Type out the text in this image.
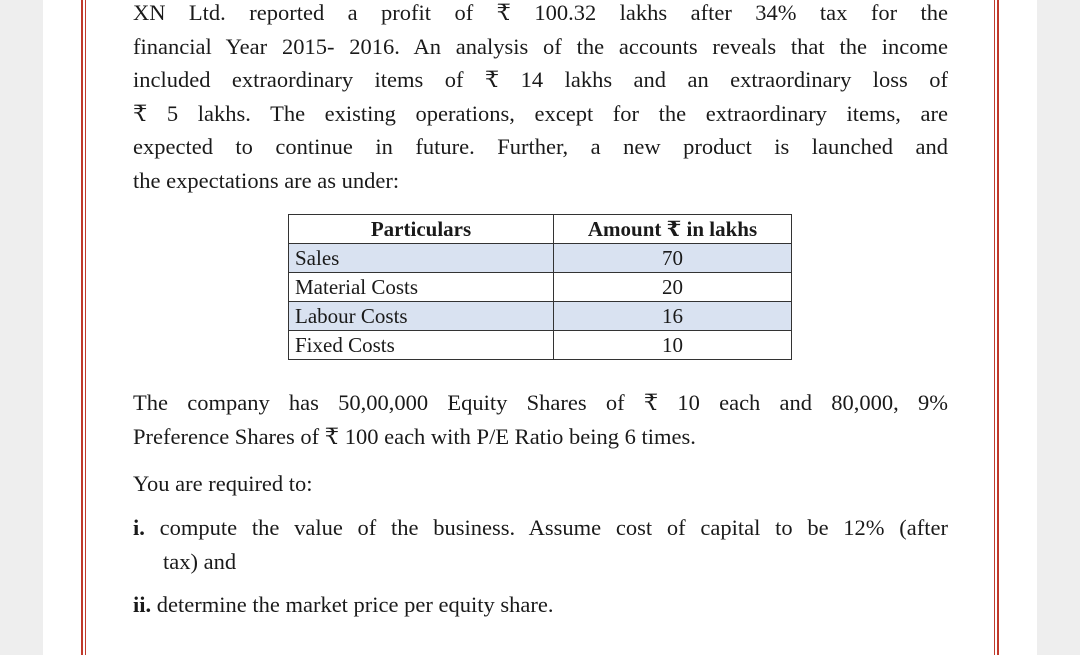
XN Ltd. reported a profit of ₹ 100.32 lakhs after 34% tax for the
financial Year 2015- 2016. An analysis of the accounts reveals that the income
included extraordinary items of ₹ 14 lakhs and an extraordinary loss of
₹ 5 lakhs. The existing operations, except for the extraordinary items, are
expected to continue in future. Further, a new product is launched and
the expectations are as under:

Particulars	Amount ₹ in lakhs
Sales	70
Material Costs	20
Labour Costs	16
Fixed Costs	10
The company has 50,00,000 Equity Shares of ₹ 10 each and 80,000, 9%
Preference Shares of ₹ 100 each with P/E Ratio being 6 times.
You are required to:
i. compute the value of the business. Assume cost of capital to be 12% (after
tax) and
ii. determine the market price per equity share.
